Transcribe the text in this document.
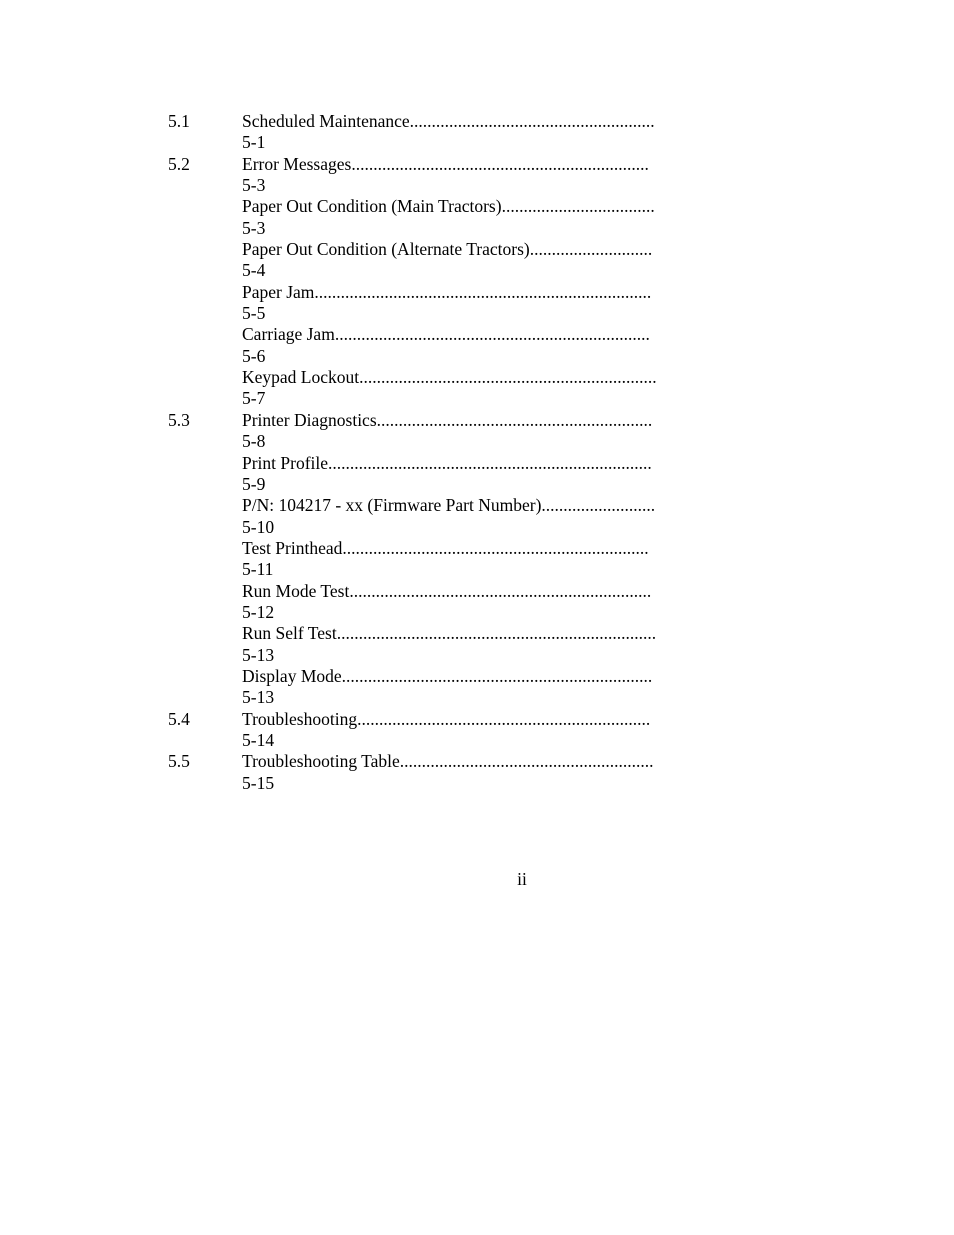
5.1	Scheduled Maintenance........................................................
5-1
5.2	Error Messages....................................................................
5-3
Paper Out Condition (Main Tractors)...................................
5-3
Paper Out Condition (Alternate Tractors)............................
5-4
Paper Jam.............................................................................
5-5
Carriage Jam........................................................................
5-6
Keypad Lockout....................................................................
5-7
5.3	Printer Diagnostics...............................................................
5-8
Print Profile..........................................................................
5-9
P/N: 104217 - xx (Firmware Part Number)..........................
5-10
Test Printhead......................................................................
5-11
Run Mode Test.....................................................................
5-12
Run Self Test.........................................................................
5-13
Display Mode.......................................................................
5-13
5.4	Troubleshooting...................................................................
5-14
5.5	Troubleshooting Table..........................................................
5-15
ii
